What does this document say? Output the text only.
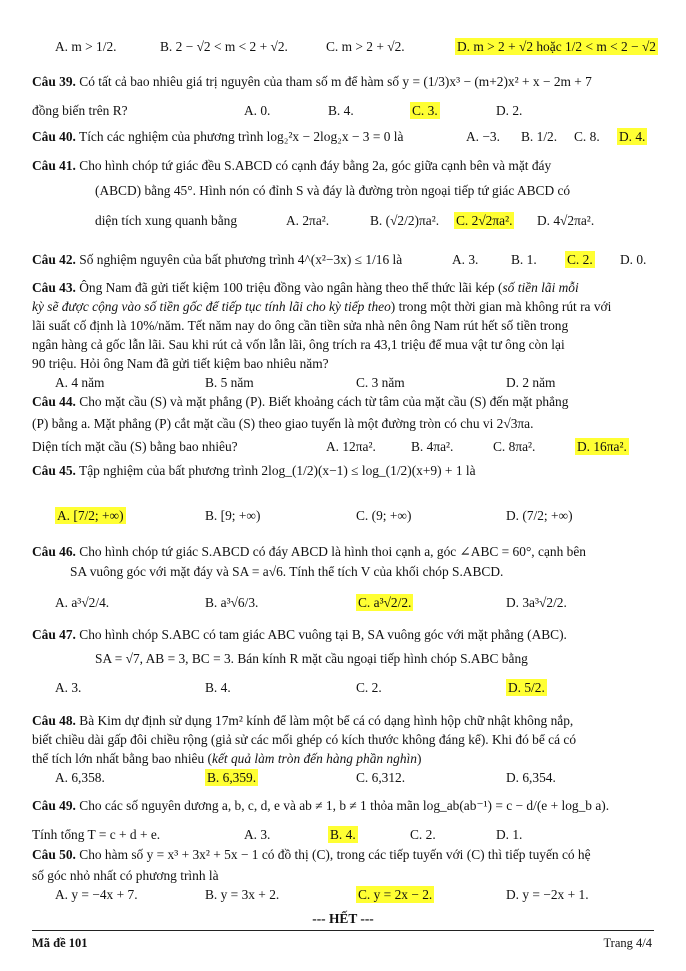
A. m > 1/2.	B. 2 − √2 < m < 2 + √2.	C. m > 2 + √2.	D. m > 2 + √2 hoặc 1/2 < m < 2 − √2
Câu 39. Có tất cả bao nhiêu giá trị nguyên của tham số m để hàm số y = (1/3)x³ − (m+2)x² + x − 2m + 7
đồng biến trên R?	A. 0.	B. 4.	C. 3.	D. 2.
Câu 40. Tích các nghiệm của phương trình log₂²x − 2log₂x − 3 = 0 là	A. −3. B. 1/2. C. 8. D. 4.
Câu 41. Cho hình chóp tứ giác đều S.ABCD có cạnh đáy bằng 2a, góc giữa cạnh bên và mặt đáy
(ABCD) bằng 45°. Hình nón có đỉnh S và đáy là đường tròn ngoại tiếp tứ giác ABCD có
diện tích xung quanh bằng	A. 2πa².	B. (√2/2)πa². C. 2√2πa². D. 4√2πa².
Câu 42. Số nghiệm nguyên của bất phương trình 4^(x²−3x) ≤ 1/16 là	A. 3. B. 1. C. 2. D. 0.
Câu 43. Ông Nam đã gửi tiết kiệm 100 triệu đồng vào ngân hàng theo thể thức lãi kép (số tiền lãi mỗi
kỳ sẽ được cộng vào số tiền gốc để tiếp tục tính lãi cho kỳ tiếp theo) trong một thời gian mà không rút ra với
lãi suất cố định là 10%/năm. Tết năm nay do ông cần tiền sửa nhà nên ông Nam rút hết số tiền trong
ngân hàng cả gốc lẫn lãi. Sau khi rút cả vốn lẫn lãi, ông trích ra 43,1 triệu để mua vật tư ông còn lại
90 triệu. Hỏi ông Nam đã gửi tiết kiệm bao nhiêu năm?
A. 4 năm	B. 5 năm	C. 3 năm	D. 2 năm
Câu 44. Cho mặt cầu (S) và mặt phẳng (P). Biết khoảng cách từ tâm của mặt cầu (S) đến mặt phẳng
(P) bằng a. Mặt phẳng (P) cắt mặt cầu (S) theo giao tuyến là một đường tròn có chu vi 2√3πa.
Diện tích mặt cầu (S) bằng bao nhiêu?	A. 12πa².	B. 4πa².	C. 8πa².	D. 16πa².
Câu 45. Tập nghiệm của bất phương trình 2log_(1/2)(x−1) ≤ log_(1/2)(x+9) + 1 là
A. [7/2; +∞)	B. [9; +∞)	C. (9; +∞)	D. (7/2; +∞)
Câu 46. Cho hình chóp tứ giác S.ABCD có đáy ABCD là hình thoi cạnh a, góc ∠ABC = 60°, cạnh bên
SA vuông góc với mặt đáy và SA = a√6. Tính thể tích V của khối chóp S.ABCD.
A. a³√2/4.	B. a³√6/3.	C. a³√2/2.	D. 3a³√2/2.
Câu 47. Cho hình chóp S.ABC có tam giác ABC vuông tại B, SA vuông góc với mặt phẳng (ABC).
SA = √7, AB = 3, BC = 3. Bán kính R mặt cầu ngoại tiếp hình chóp S.ABC bằng
A. 3.	B. 4.	C. 2.	D. 5/2.
Câu 48. Bà Kim dự định sử dụng 17m² kính để làm một bể cá có dạng hình hộp chữ nhật không nắp,
biết chiều dài gấp đôi chiều rộng (giả sử các mối ghép có kích thước không đáng kể). Khi đó bể cá có
thể tích lớn nhất bằng bao nhiêu (kết quả làm tròn đến hàng phần nghìn)
A. 6,358.	B. 6,359.	C. 6,312.	D. 6,354.
Câu 49. Cho các số nguyên dương a, b, c, d, e và ab ≠ 1, b ≠ 1 thỏa mãn log_ab(ab⁻¹) = c − d/(e + log_b a).
Tính tổng T = c + d + e.	A. 3.	B. 4.	C. 2.	D. 1.
Câu 50. Cho hàm số y = x³ + 3x² + 5x − 1 có đồ thị (C), trong các tiếp tuyến với (C) thì tiếp tuyến có hệ
số góc nhỏ nhất có phương trình là
A. y = −4x + 7.	B. y = 3x + 2.	C. y = 2x − 2.	D. y = −2x + 1.
--- HẾT ---
Mã đề 101	Trang 4/4
